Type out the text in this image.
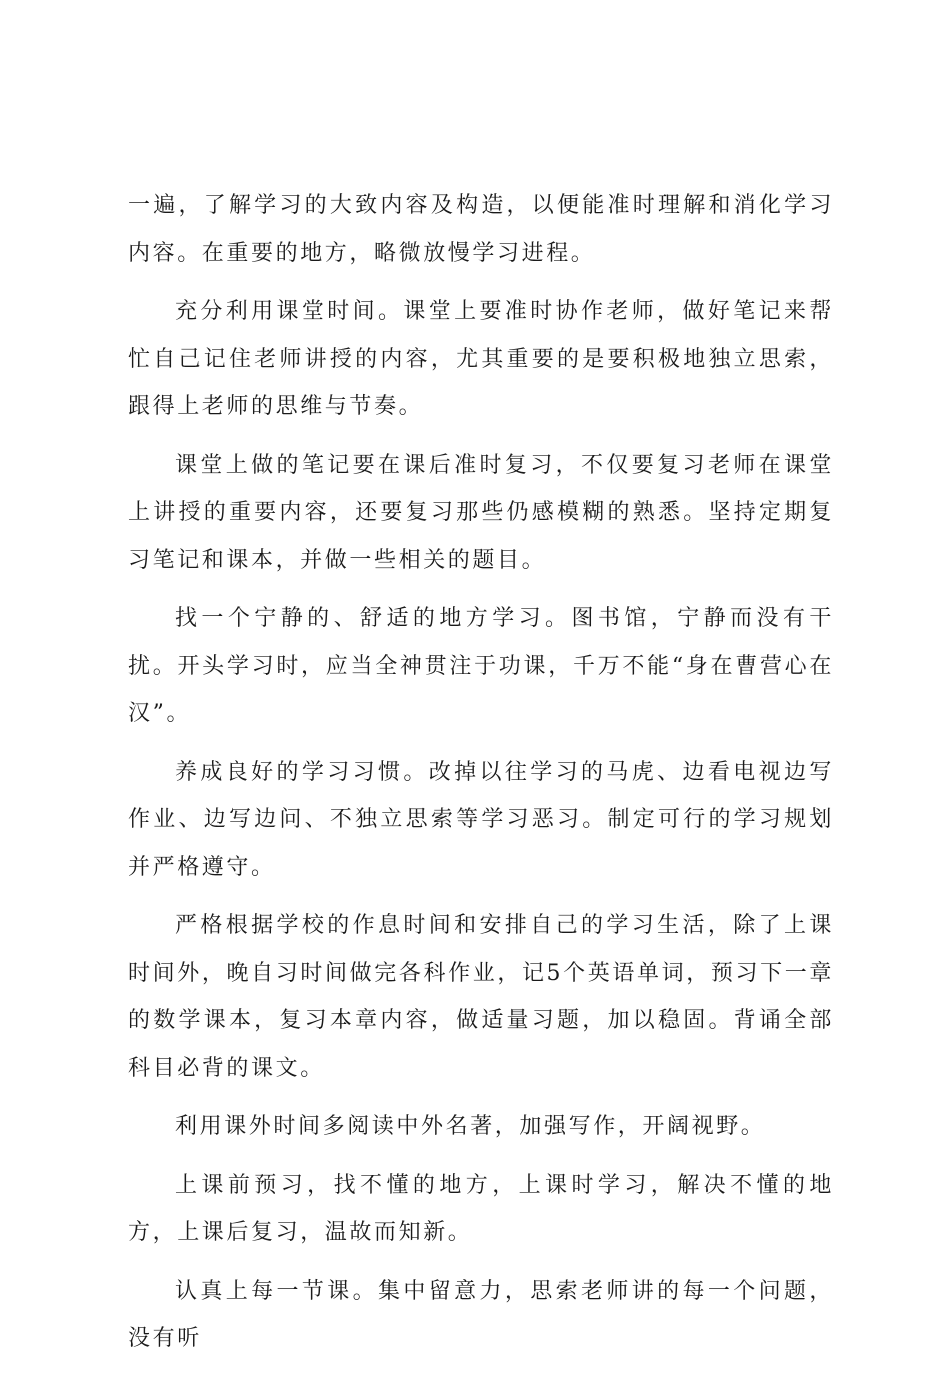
一遍，了解学习的大致内容及构造，以便能准时理解和消化学习内容。在重要的地方，略微放慢学习进程。

充分利用课堂时间。课堂上要准时协作老师，做好笔记来帮忙自己记住老师讲授的内容，尤其重要的是要积极地独立思索，跟得上老师的思维与节奏。

课堂上做的笔记要在课后准时复习，不仅要复习老师在课堂上讲授的重要内容，还要复习那些仍感模糊的熟悉。坚持定期复习笔记和课本，并做一些相关的题目。

找一个宁静的、舒适的地方学习。图书馆，宁静而没有干扰。开头学习时，应当全神贯注于功课，千万不能“身在曹营心在汉”。

养成良好的学习习惯。改掉以往学习的马虎、边看电视边写作业、边写边问、不独立思索等学习恶习。制定可行的学习规划并严格遵守。

严格根据学校的作息时间和安排自己的学习生活，除了上课时间外，晚自习时间做完各科作业，记5个英语单词，预习下一章的数学课本，复习本章内容，做适量习题，加以稳固。背诵全部科目必背的课文。

利用课外时间多阅读中外名著，加强写作，开阔视野。

上课前预习，找不懂的地方，上课时学习，解决不懂的地方，上课后复习，温故而知新。

认真上每一节课。集中留意力，思索老师讲的每一个问题，没有听
